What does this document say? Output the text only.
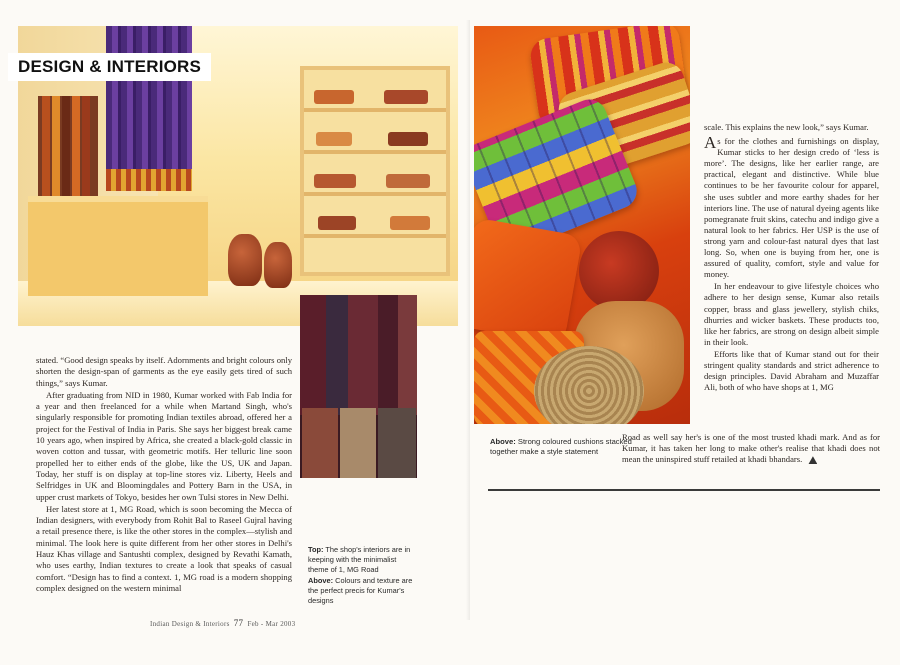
DESIGN & INTERIORS

stated. “Good design speaks by itself. Adornments and bright colours only shorten the design-span of garments as the eye easily gets tired of such things,” says Kumar.

After graduating from NID in 1980, Kumar worked with Fab India for a year and then freelanced for a while when Martand Singh, who's singularly responsible for promoting Indian textiles abroad, offered her a project for the Festival of India in Paris. She says her biggest break came 10 years ago, when inspired by Africa, she created a black-gold classic in woven cotton and tussar, with geometric motifs. Her telluric line soon propelled her to either ends of the globe, like the US, UK and Japan. Today, her stuff is on display at top-line stores viz. Liberty, Heels and Selfridges in UK and Bloomingdales and Pottery Barn in the USA, in upper crust markets of Tokyo, besides her own Tulsi stores in New Delhi.

Her latest store at 1, MG Road, which is soon becoming the Mecca of Indian designers, with everybody from Rohit Bal to Raseel Gujral having a retail presence there, is like the other stores in the complex—stylish and minimal. The look here is quite different from her other stores in Delhi's Hauz Khas village and Santushti complex, designed by Revathi Kamath, who uses earthy, Indian textures to create a look that speaks of casual comfort. “Design has to find a context. 1, MG road is a modern shopping complex designed on the western minimal

Top: The shop's interiors are in keeping with the minimalist theme of 1, MG Road
Above: Colours and texture are the perfect precis for Kumar's designs
Indian Design & Interiors 77 Feb - Mar 2003
Above: Strong coloured cushions stacked together make a style statement

scale. This explains the new look,” says Kumar.

As for the clothes and furnishings on display, Kumar sticks to her design credo of ‘less is more’. The designs, like her earlier range, are practical, elegant and distinctive. While blue continues to be her favourite colour for apparel, she uses subtler and more earthy shades for her interiors line. The use of natural dyeing agents like pomegranate fruit skins, catechu and indigo give a natural look to her fabrics. Her USP is the use of strong yarn and colour-fast natural dyes that last long. So, when one is buying from her, one is assured of quality, comfort, style and value for money.

In her endeavour to give lifestyle choices who adhere to her design sense, Kumar also retails copper, brass and glass jewellery, stylish chiks, dhurries and wicker baskets. These products too, like her fabrics, are strong on design albeit simple in their look.

Efforts like that of Kumar stand out for their stringent quality standards and strict adherence to design principles. David Abraham and Muzaffar Ali, both of who have shops at 1, MG

Road as well say her's is one of the most trusted khadi mark. And as for Kumar, it has taken her long to make other's realise that khadi does not mean the uninspired stuff retailed at khadi bhandars.
